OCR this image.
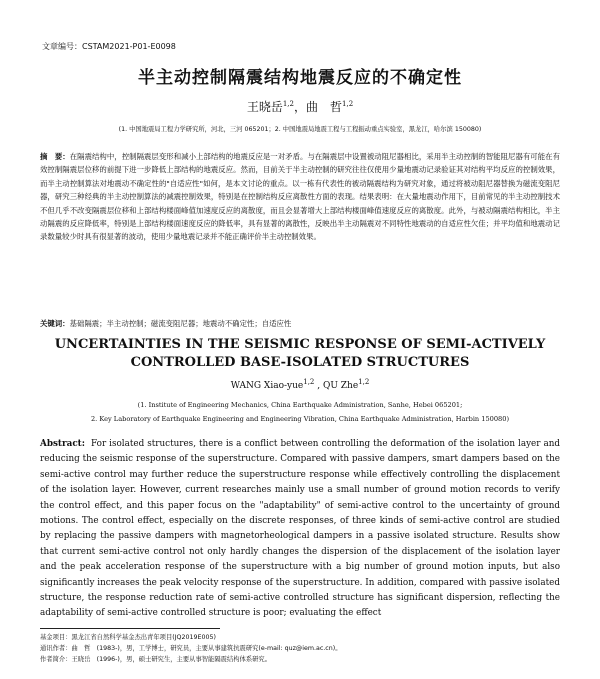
文章编号：CSTAM2021-P01-E0098
半主动控制隔震结构地震反应的不确定性
王晓岳$^{1,2}$，曲　哲$^{1,2}$
(1. 中国地震局工程力学研究所，河北，三河 065201；2. 中国地震局地震工程与工程振动重点实验室，黑龙江，哈尔滨 150080)
摘　要：在隔震结构中，控制隔震层变形和减小上部结构的地震反应是一对矛盾。与在隔震层中设置被动阻尼器相比，采用半主动控制的智能阻尼器有可能在有效控制隔震层位移的前提下进一步降低上部结构的地震反应。然而，目前关于半主动控制的研究往往仅使用少量地震动记录验证其对结构平均反应的控制效果，而半主动控制算法对地震动不确定性的"自适应性"如何，是本文讨论的重点。以一栋有代表性的被动隔震结构为研究对象，通过将被动阻尼器替换为磁流变阻尼器，研究三种经典的半主动控制算法的减震控制效果，特别是在控制结构反应离散性方面的表现。结果表明：在大量地震动作用下，目前常见的半主动控制技术不但几乎不改变隔震层位移和上部结构楼面峰值加速度反应的离散度，而且会显著增大上部结构楼面峰值速度反应的离散度。此外，与被动隔震结构相比，半主动隔震的反应降低率，特别是上部结构楼面速度反应的降低率，具有显著的离散性，反映出半主动隔震对不同特性地震动的自适应性欠佳；并平均值和地震动记录数量较少时具有很显著的波动，使用少量地震记录并不能正确评价半主动控制效果。
关键词：基础隔震；半主动控制；磁流变阻尼器；地震动不确定性；自适应性
UNCERTAINTIES IN THE SEISMIC RESPONSE OF SEMI-ACTIVELY
CONTROLLED BASE-ISOLATED STRUCTURES
WANG Xiao-yue$^{1,2}$ , QU Zhe$^{1,2}$
(1. Institute of Engineering Mechanics, China Earthquake Administration, Sanhe, Hebei 065201;
2. Key Laboratory of Earthquake Engineering and Engineering Vibration, China Earthquake Administration, Harbin 150080)
Abstract: For isolated structures, there is a conflict between controlling the deformation of the isolation layer and reducing the seismic response of the superstructure. Compared with passive dampers, smart dampers based on the semi-active control may further reduce the superstructure response while effectively controlling the displacement of the isolation layer. However, current researches mainly use a small number of ground motion records to verify the control effect, and this paper focus on the "adaptability" of semi-active control to the uncertainty of ground motions. The control effect, especially on the discrete responses, of three kinds of semi-active control are studied by replacing the passive dampers with magnetorheological dampers in a passive isolated structure. Results show that current semi-active control not only hardly changes the dispersion of the displacement of the isolation layer and the peak acceleration response of the superstructure with a big number of ground motion inputs, but also significantly increases the peak velocity response of the superstructure. In addition, compared with passive isolated structure, the response reduction rate of semi-active controlled structure has significant dispersion, reflecting the adaptability of semi-active controlled structure is poor; evaluating the effect
基金项目：黑龙江省自然科学基金杰出青年项目(JQ2019E005)
通讯作者：曲　哲　(1983-)，男，工学博士，研究员，主要从事建筑抗震研究(e-mail: quz@iem.ac.cn)。
作者简介：王晓岳　(1996-)，男，硕士研究生，主要从事智能隔震结构体系研究。
